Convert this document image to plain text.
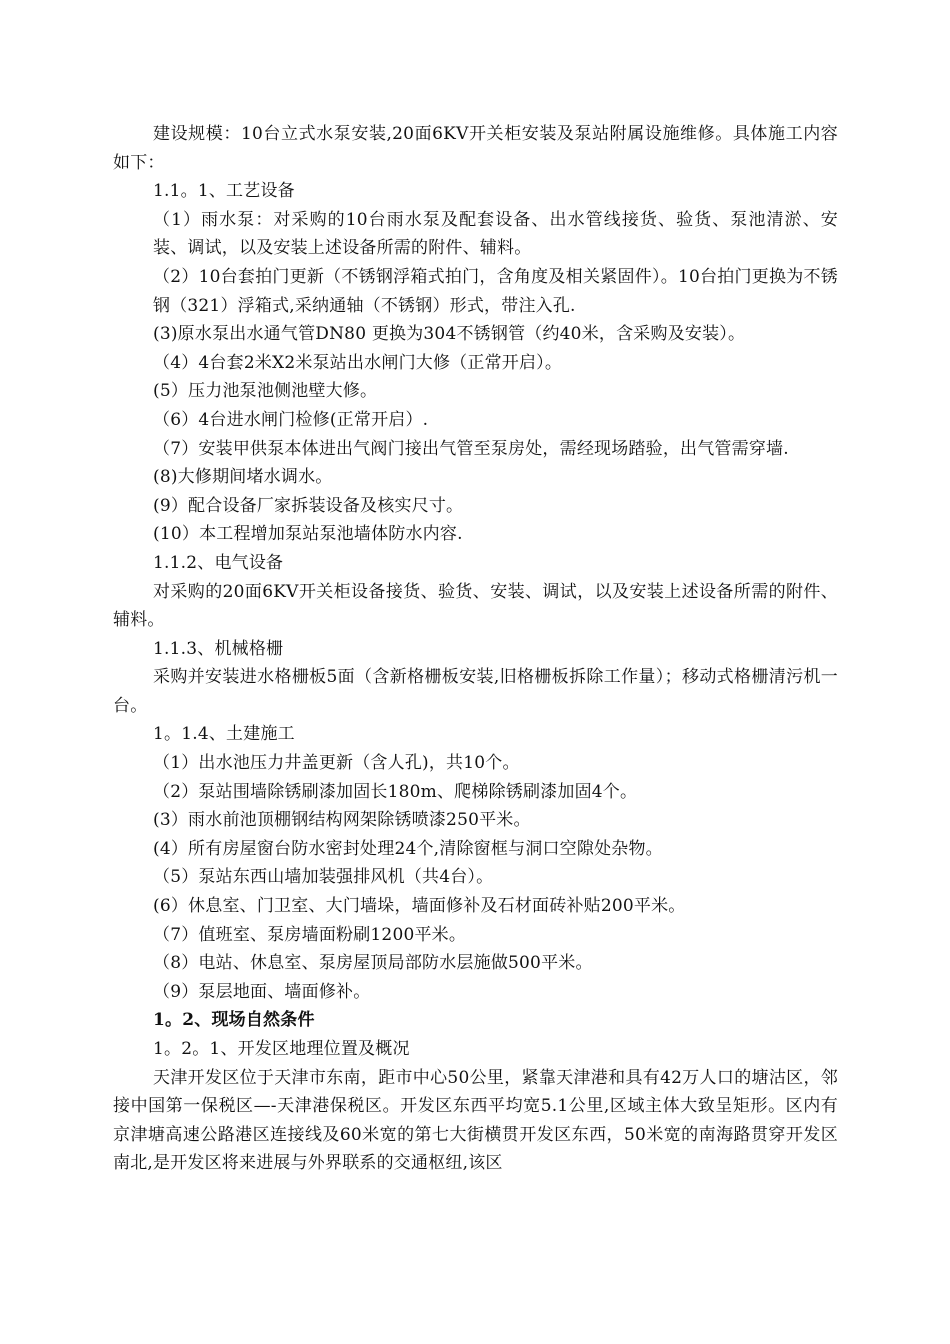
建设规模：10台立式水泵安装,20面6KV开关柜安装及泵站附属设施维修。具体施工内容如下：

1.1。1、工艺设备

（1）雨水泵：对采购的10台雨水泵及配套设备、出水管线接货、验货、泵池清淤、安装、调试，以及安装上述设备所需的附件、辅料。

（2）10台套拍门更新（不锈钢浮箱式拍门，含角度及相关紧固件）。10台拍门更换为不锈钢（321）浮箱式,采纳通轴（不锈钢）形式，带注入孔.

(3)原水泵出水通气管DN80 更换为304不锈钢管（约40米，含采购及安装）。

（4）4台套2米X2米泵站出水闸门大修（正常开启）。

(5）压力池泵池侧池壁大修。

（6）4台进水闸门检修(正常开启）.

（7）安装甲供泵本体进出气阀门接出气管至泵房处，需经现场踏验，出气管需穿墙.

(8)大修期间堵水调水。

(9）配合设备厂家拆装设备及核实尺寸。

(10）本工程增加泵站泵池墙体防水内容.

1.1.2、电气设备

对采购的20面6KV开关柜设备接货、验货、安装、调试，以及安装上述设备所需的附件、辅料。

1.1.3、机械格栅

采购并安装进水格栅板5面（含新格栅板安装,旧格栅板拆除工作量）；移动式格栅清污机一台。

1。1.4、土建施工

（1）出水池压力井盖更新（含人孔)，共10个。

（2）泵站围墙除锈刷漆加固长180m、爬梯除锈刷漆加固4个。

(3）雨水前池顶棚钢结构网架除锈喷漆250平米。

(4）所有房屋窗台防水密封处理24个,清除窗框与洞口空隙处杂物。

（5）泵站东西山墙加装强排风机（共4台）。

(6）休息室、门卫室、大门墙垛，墙面修补及石材面砖补贴200平米。

（7）值班室、泵房墙面粉刷1200平米。

（8）电站、休息室、泵房屋顶局部防水层施做500平米。

（9）泵层地面、墙面修补。

1。2、现场自然条件

1。2。1、开发区地理位置及概况

天津开发区位于天津市东南，距市中心50公里，紧靠天津港和具有42万人口的塘沽区，邻接中国第一保税区—-天津港保税区。开发区东西平均宽5.1公里,区域主体大致呈矩形。区内有京津塘高速公路港区连接线及60米宽的第七大街横贯开发区东西，50米宽的南海路贯穿开发区南北,是开发区将来进展与外界联系的交通枢纽,该区
